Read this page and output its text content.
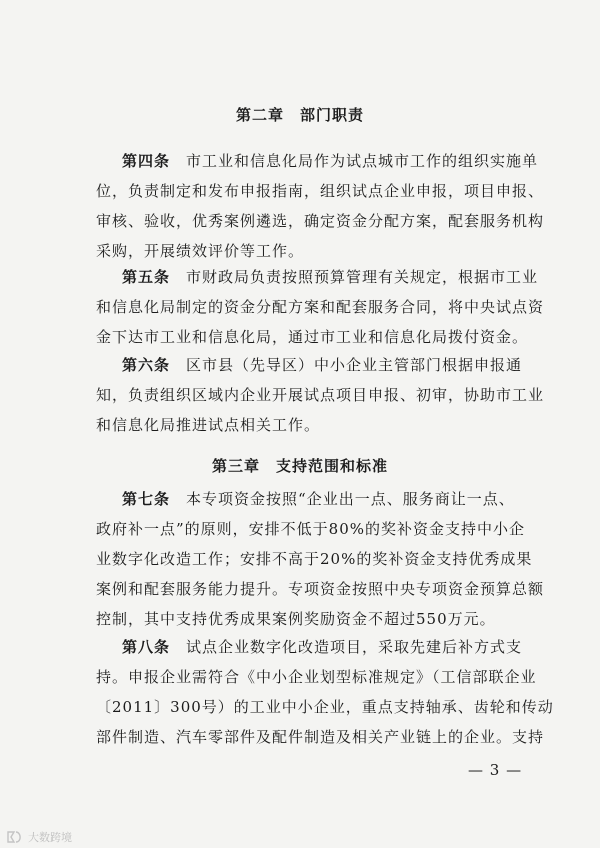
第二章　部门职责
第四条　 市工业和信息化局作为试点城市工作的组织实施单
位，负责制定和发布申报指南，组织试点企业申报，项目申报、
审核、验收，优秀案例遴选，确定资金分配方案，配套服务机构
采购，开展绩效评价等工作。
第五条　 市财政局负责按照预算管理有关规定，根据市工业
和信息化局制定的资金分配方案和配套服务合同，将中央试点资
金下达市工业和信息化局，通过市工业和信息化局拨付资金。
第六条　 区市县（先导区）中小企业主管部门根据申报通
知，负责组织区域内企业开展试点项目申报、初审，协助市工业
和信息化局推进试点相关工作。
第三章　支持范围和标准
第七条　 本专项资金按照“企业出一点、服务商让一点、
政府补一点”的原则，安排不低于80%的奖补资金支持中小企
业数字化改造工作；安排不高于20%的奖补资金支持优秀成果
案例和配套服务能力提升。专项资金按照中央专项资金预算总额
控制，其中支持优秀成果案例奖励资金不超过550万元。
第八条　 试点企业数字化改造项目，采取先建后补方式支
持。申报企业需符合《中小企业划型标准规定》（工信部联企业
〔2011〕300号）的工业中小企业，重点支持轴承、齿轮和传动
部件制造、汽车零部件及配件制造及相关产业链上的企业。支持
— 3 —
大数跨境
